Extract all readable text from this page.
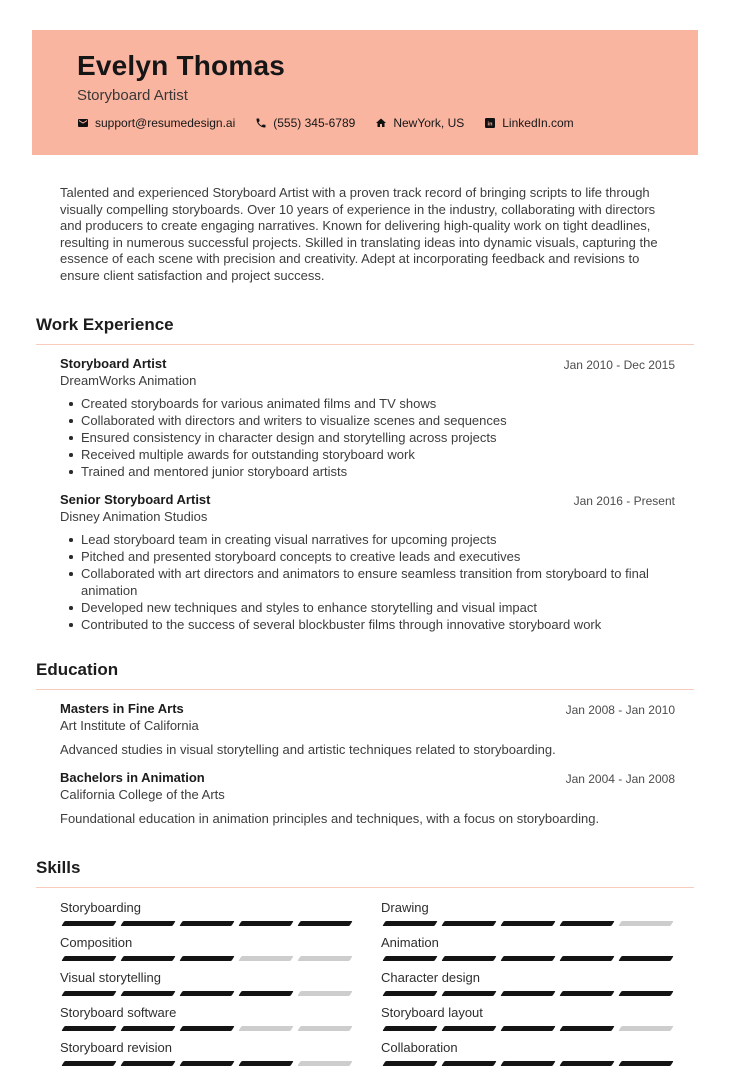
Evelyn Thomas
Storyboard Artist
support@resumedesign.ai	(555) 345-6789	NewYork, US in LinkedIn.com

Talented and experienced Storyboard Artist with a proven track record of bringing scripts to life through visually compelling storyboards. Over 10 years of experience in the industry, collaborating with directors and producers to create engaging narratives. Known for delivering high-quality work on tight deadlines, resulting in numerous successful projects. Skilled in translating ideas into dynamic visuals, capturing the essence of each scene with precision and creativity. Adept at incorporating feedback and revisions to ensure client satisfaction and project success.

Work Experience
Storyboard Artist
DreamWorks Animation
Jan 2010 - Dec 2015
Created storyboards for various animated films and TV shows
Collaborated with directors and writers to visualize scenes and sequences
Ensured consistency in character design and storytelling across projects
Received multiple awards for outstanding storyboard work
Trained and mentored junior storyboard artists
Senior Storyboard Artist
Disney Animation Studios
Jan 2016 - Present
Lead storyboard team in creating visual narratives for upcoming projects
Pitched and presented storyboard concepts to creative leads and executives
Collaborated with art directors and animators to ensure seamless transition from storyboard to final animation
Developed new techniques and styles to enhance storytelling and visual impact
Contributed to the success of several blockbuster films through innovative storyboard work
Education
Masters in Fine Arts
Art Institute of California
Jan 2008 - Jan 2010

Advanced studies in visual storytelling and artistic techniques related to storyboarding.

Bachelors in Animation
California College of the Arts
Jan 2004 - Jan 2008

Foundational education in animation principles and techniques, with a focus on storyboarding.

Skills
Storyboarding
Composition
Visual storytelling
Storyboard software
Storyboard revision
Drawing
Animation
Character design
Storyboard layout
Collaboration
